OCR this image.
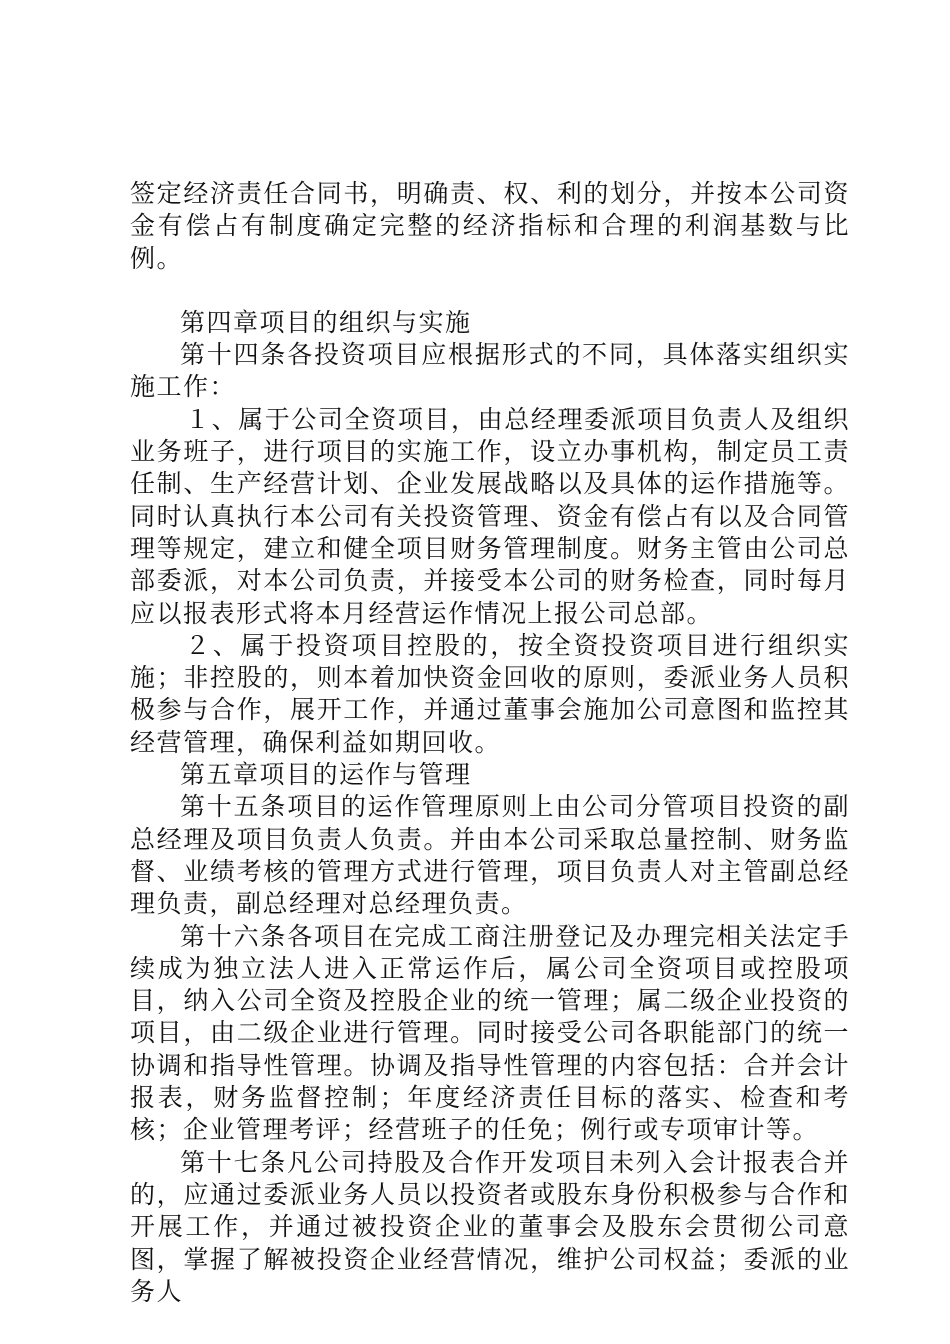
签定经济责任合同书，明确责、权、利的划分，并按本公司资金有偿占有制度确定完整的经济指标和合理的利润基数与比例。

第四章项目的组织与实施

第十四条各投资项目应根据形式的不同，具体落实组织实施工作：

１、属于公司全资项目，由总经理委派项目负责人及组织业务班子，进行项目的实施工作，设立办事机构，制定员工责任制、生产经营计划、企业发展战略以及具体的运作措施等。同时认真执行本公司有关投资管理、资金有偿占有以及合同管理等规定，建立和健全项目财务管理制度。财务主管由公司总部委派，对本公司负责，并接受本公司的财务检查，同时每月应以报表形式将本月经营运作情况上报公司总部。

２、属于投资项目控股的，按全资投资项目进行组织实施；非控股的，则本着加快资金回收的原则，委派业务人员积极参与合作，展开工作，并通过董事会施加公司意图和监控其经营管理，确保利益如期回收。

第五章项目的运作与管理

第十五条项目的运作管理原则上由公司分管项目投资的副总经理及项目负责人负责。并由本公司采取总量控制、财务监督、业绩考核的管理方式进行管理，项目负责人对主管副总经理负责，副总经理对总经理负责。

第十六条各项目在完成工商注册登记及办理完相关法定手续成为独立法人进入正常运作后，属公司全资项目或控股项目，纳入公司全资及控股企业的统一管理；属二级企业投资的项目，由二级企业进行管理。同时接受公司各职能部门的统一协调和指导性管理。协调及指导性管理的内容包括：合并会计报表，财务监督控制；年度经济责任目标的落实、检查和考核；企业管理考评；经营班子的任免；例行或专项审计等。

第十七条凡公司持股及合作开发项目未列入会计报表合并的，应通过委派业务人员以投资者或股东身份积极参与合作和开展工作，并通过被投资企业的董事会及股东会贯彻公司意图，掌握了解被投资企业经营情况，维护公司权益；委派的业务人
